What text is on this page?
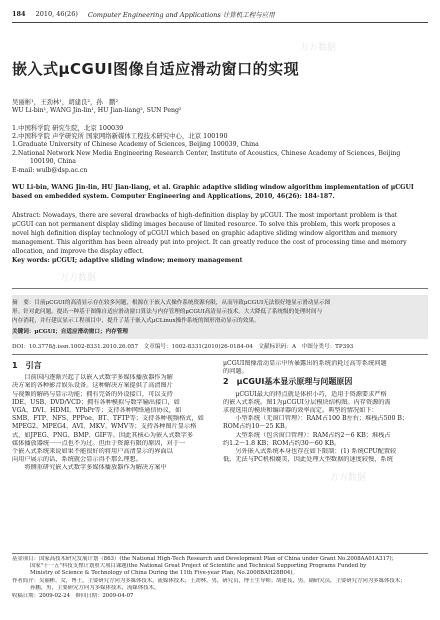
184 2010, 46(26) Computer Engineering and Applications 计算机工程与应用
嵌入式μCGUI图像自适应滑动窗口的实现
吴丽彬¹，王劲林¹，胡建良²，孙　鹏²
WU Li-bin¹, WANG Jin-lin¹, HU Jian-liang², SUN Peng²
1.中国科学院 研究生院，北京 100039
2.中国科学院 声学研究所 国家网络新媒体工程技术研究中心，北京 100190
1.Graduate University of Chinese Academy of Sciences, Beijing 100039, China
2.National Network New Media Engineering Research Center, Institute of Acoustics, Chinese Academy of Sciences, Beijing
100190, China
E-mail: wulb@dsp.ac.cn
WU Li-bin, WANG Jin-lin, HU Jian-liang, et al. Graphic adaptive sliding window algorithm implementation of μCGUI
based on embedded system. Computer Engineering and Applications, 2010, 46(26): 184-187.
Abstract: Nowadays, there are several drawbacks of high-definition display by μCGUI. The most important problem is that
μCGUI can not permanent display sliding images because of limited resource. To solve this problem, this work proposes a
novel high definition display technology of μCGUI which based on graphic adaptive sliding window algorithm and memory
management. This algorithm has been already put into project. It can greatly reduce the cost of processing time and memory
allocation, and improve the display effect.
Key words: μCGUI; adaptive sliding window; memory management
摘　要：目前μCGUI的高清显示存在较多问题，根源在于嵌入式操作系统资源有限，从而导致μCGUI无法很好地显示滑动显示图
形。针对此问题，提出一种基于图像自适应滑动窗口算法与内存管理的μCGUI高清显示技术。大大降低了系统级的处理时间与
内存消耗，并行建议显示工程项目中，提升了基于嵌入式μCLinux操作系统的图形滑动显示的效果。
关键词：μCGUI；自适应滑动窗口；内存管理
DOI：10.3778/j.issn.1002-8331.2010.26.057　文章编号：1002-8331(2010)26-0184-04　文献标识码：A　中图分类号：TP393
1　引言
　　目前国内逐渐兴起了以嵌入式数字多媒体播放器作为解
决方案的各种影音娱乐设备。这种解决方案提供了高清图片
与视频的解码与显示功能；拥有完备的外设接口，可以支持
IDE、USB、DVD/VCD；拥有各种模拟与数字输出接口，如
VGA、DVI、HDMI、YPbPr等；支持各种网络通信协议，如
SMB、FTP、NFS、PPPoe、BT、TFTP等；支持各种视频格式，如
MPEG2、MPEG4、AVI、MKV、WMV等；支持各种图片显示格
式，如JPEG、PNG、BMP、GIF等。因此其核心为嵌入式数字多
媒体播放器统一一点也不为过。但由于资源有限的原因，对于一
个嵌入式系统来说如果不能很好的将用户高清显示的界面以
向用户展示的话，系统就会显示得不那么理想。
　　将侧重研究嵌入式数字多媒体播放器作为解决方案中
μCGUI图像滑动显示中所暴露出的系统消耗过高等系统问题
的问题。
2　μCGUI基本显示原理与问题原因
　　μCGUI最大的特点就是体积小巧，适用于资源要求严格
的嵌入式系统。图1为μCGUI分层模块结构图。内存资源的需
求视选用的模块和编译器的效率而定。典型的情况如下：
　　小型系统（无窗口管理）：RAM占100 B左右；堆栈占500 B；
ROM占约10～25 KB。
　　大型系统（包含窗口管理）：RAM占约2～6 KB；堆栈占
约1.2～1.8 KB；ROM占约30～60 KB。
　　另外嵌入式系统本身也存在如下限制：(1) 系统CPU配置较
低，无法与PC机相媲美，因此处理大型数据的速度较慢，系统
基金项目：国家高技术研究发展计划（863）(the National High-Tech Research and Development Plan of China under Grant No.2008AA01A317)；
国家"十一五"科技支撑计划重大项目课题(the National Great Project of Scientific and Technical Supporting Programs Funded by
Ministry of Science & Technology of China During the 11th Five-year Plan, No.2008BAH28B04)。
作者简介：吴丽彬，女，博士，主要研究方向为多媒体技术，流媒体技术；王劲林，男，研究员，博士生导师；胡建良，男，副研究员，主要研究方向为多媒体技术；
孙鹏，男，主要研究方向为多媒体技术，流媒体技术。
收稿日期：2009-02-24　修回日期：2009-04-07
万方数据
万方数据
万方数据
